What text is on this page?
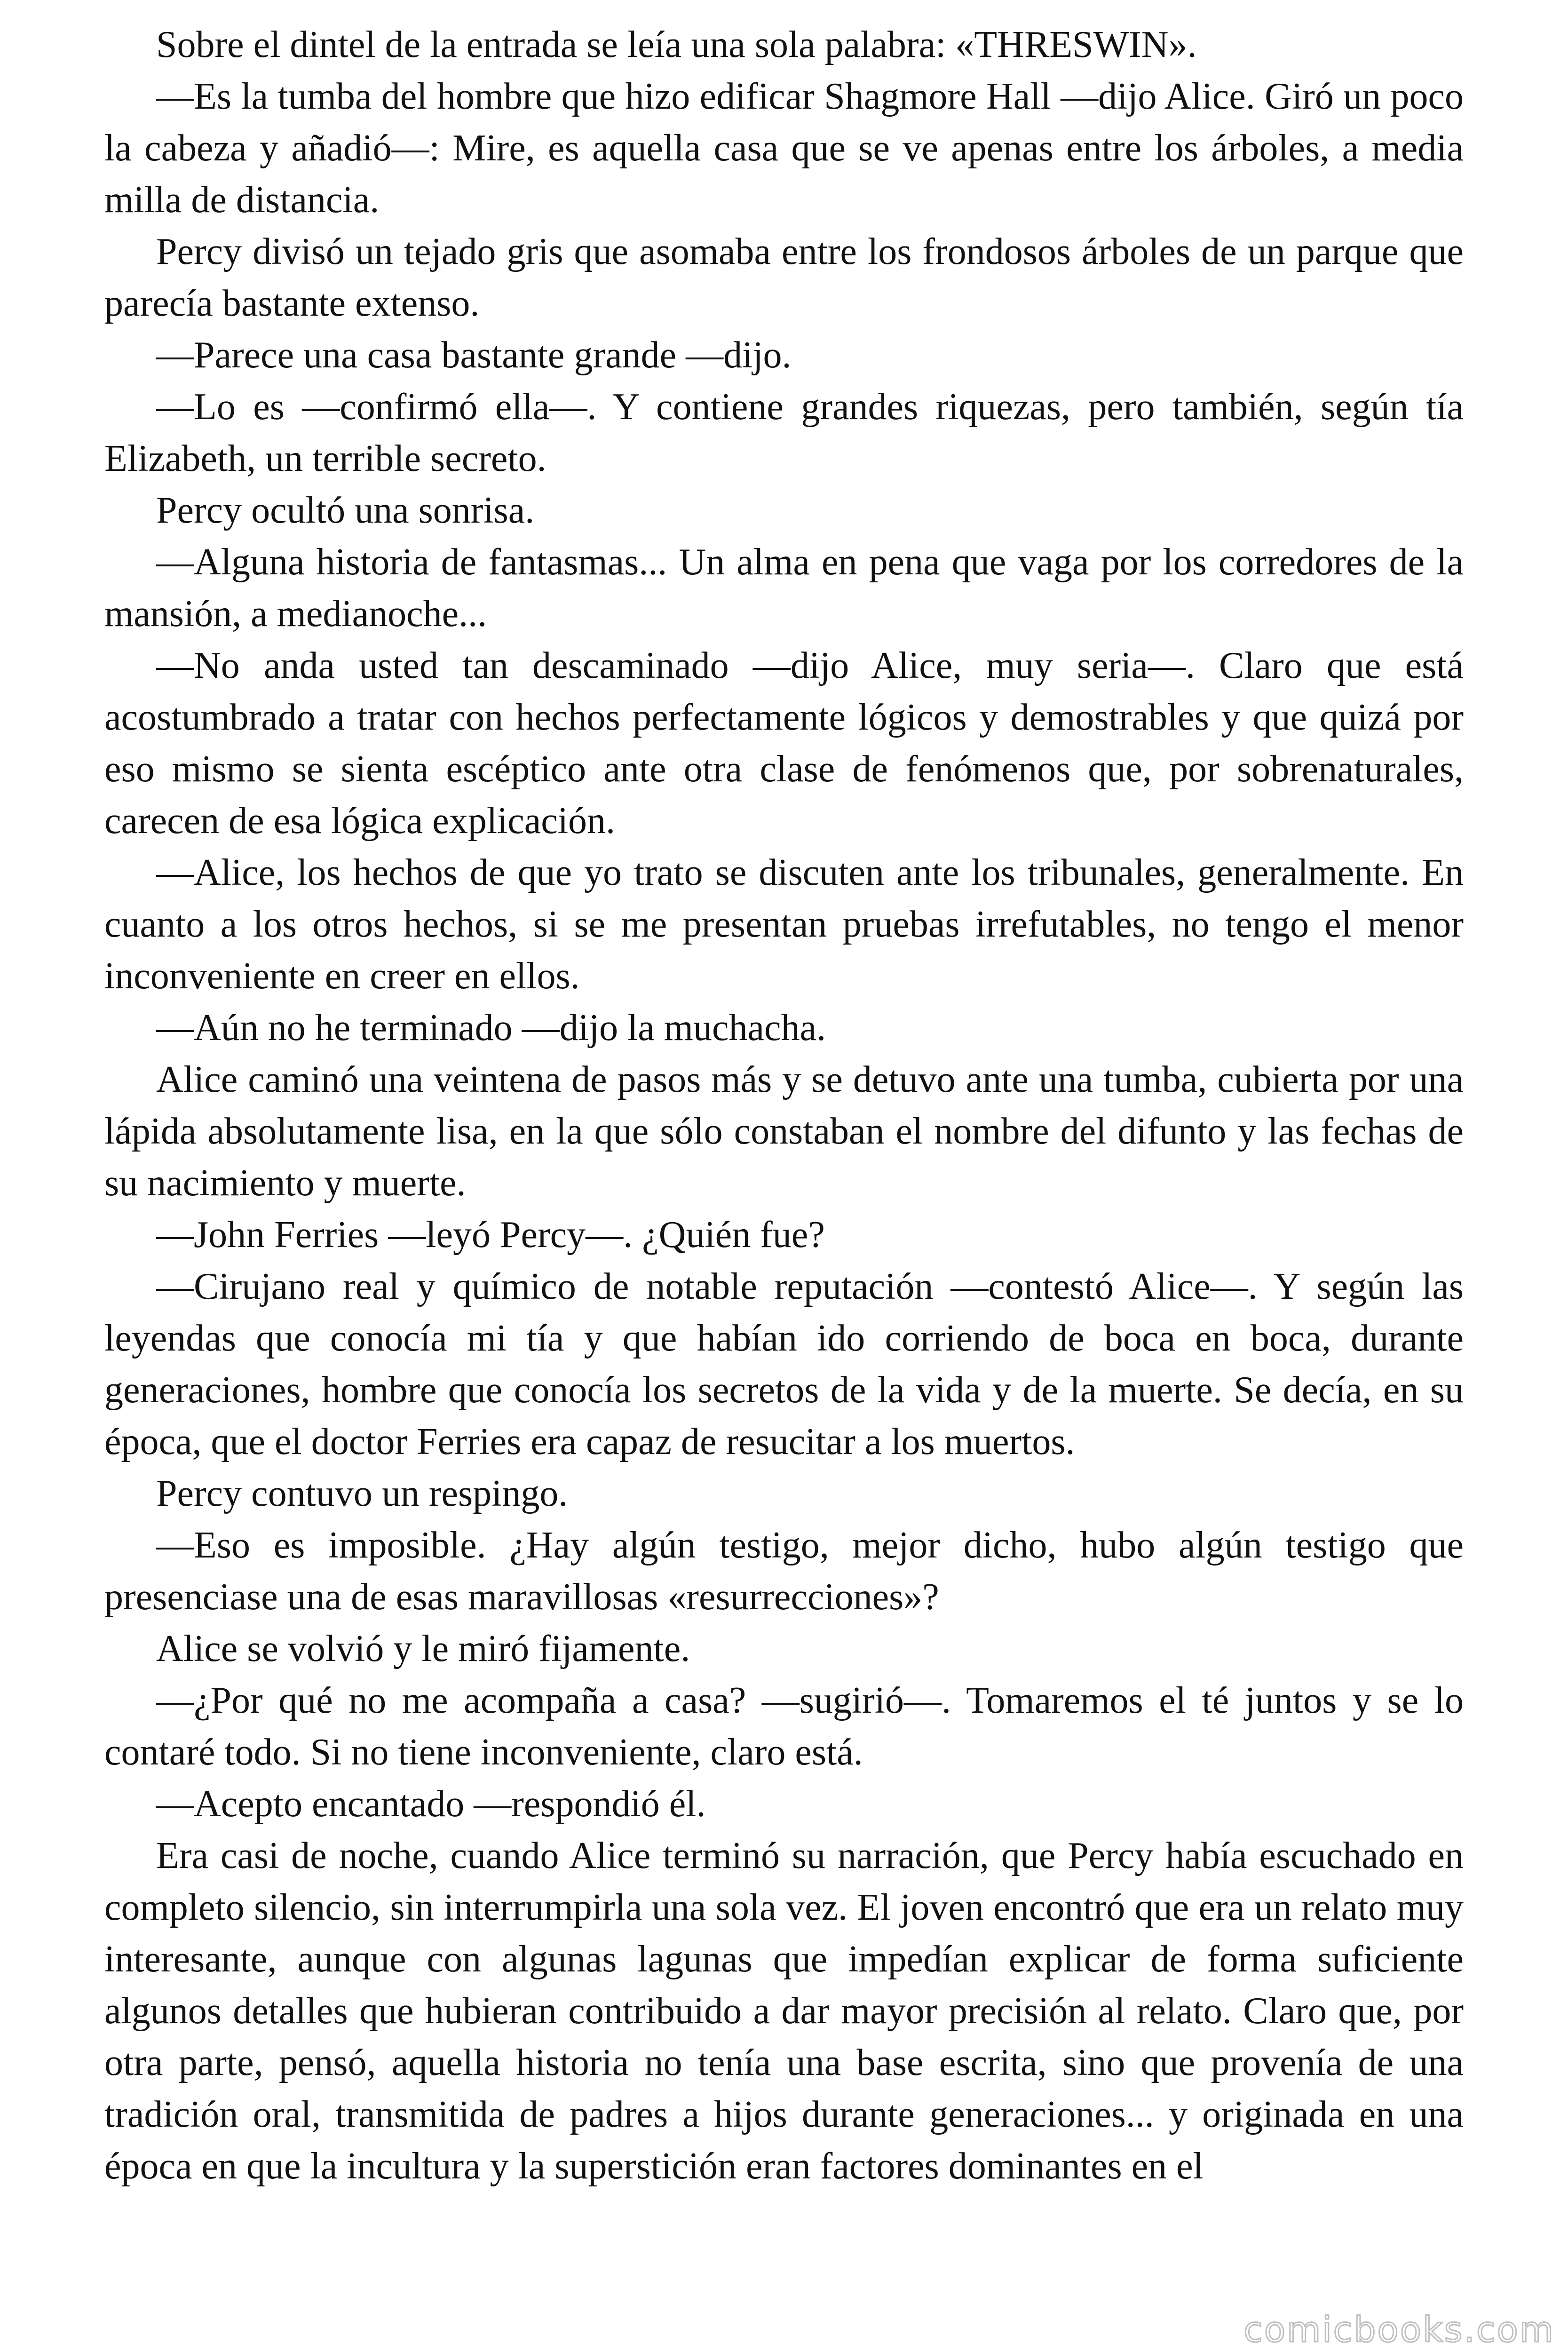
Sobre el dintel de la entrada se leía una sola palabra: «THRESWIN».

—Es la tumba del hombre que hizo edificar Shagmore Hall —dijo Alice. Giró un poco la cabeza y añadió—: Mire, es aquella casa que se ve apenas entre los árboles, a media milla de distancia.

Percy divisó un tejado gris que asomaba entre los frondosos árboles de un parque que parecía bastante extenso.

—Parece una casa bastante grande —dijo.

—Lo es —confirmó ella—. Y contiene grandes riquezas, pero también, según tía Elizabeth, un terrible secreto.

Percy ocultó una sonrisa.

—Alguna historia de fantasmas... Un alma en pena que vaga por los corredores de la mansión, a medianoche...

—No anda usted tan descaminado —dijo Alice, muy seria—. Claro que está acostumbrado a tratar con hechos perfectamente lógicos y demostrables y que quizá por eso mismo se sienta escéptico ante otra clase de fenómenos que, por sobrenaturales, carecen de esa lógica explicación.

—Alice, los hechos de que yo trato se discuten ante los tribunales, generalmente. En cuanto a los otros hechos, si se me presentan pruebas irrefutables, no tengo el menor inconveniente en creer en ellos.

—Aún no he terminado —dijo la muchacha.

Alice caminó una veintena de pasos más y se detuvo ante una tumba, cubierta por una lápida absolutamente lisa, en la que sólo constaban el nombre del difunto y las fechas de su nacimiento y muerte.

—John Ferries —leyó Percy—. ¿Quién fue?

—Cirujano real y químico de notable reputación —contestó Alice—. Y según las leyendas que conocía mi tía y que habían ido corriendo de boca en boca, durante generaciones, hombre que conocía los secretos de la vida y de la muerte. Se decía, en su época, que el doctor Ferries era capaz de resucitar a los muertos.

Percy contuvo un respingo.

—Eso es imposible. ¿Hay algún testigo, mejor dicho, hubo algún testigo que presenciase una de esas maravillosas «resurrecciones»?

Alice se volvió y le miró fijamente.

—¿Por qué no me acompaña a casa? —sugirió—. Tomaremos el té juntos y se lo contaré todo. Si no tiene inconveniente, claro está.

—Acepto encantado —respondió él.

Era casi de noche, cuando Alice terminó su narración, que Percy había escuchado en completo silencio, sin interrumpirla una sola vez. El joven encontró que era un relato muy interesante, aunque con algunas lagunas que impedían explicar de forma suficiente algunos detalles que hubieran contribuido a dar mayor precisión al relato. Claro que, por otra parte, pensó, aquella historia no tenía una base escrita, sino que provenía de una tradición oral, transmitida de padres a hijos durante generaciones... y originada en una época en que la incultura y la superstición eran factores dominantes en el

comicbooks.com
